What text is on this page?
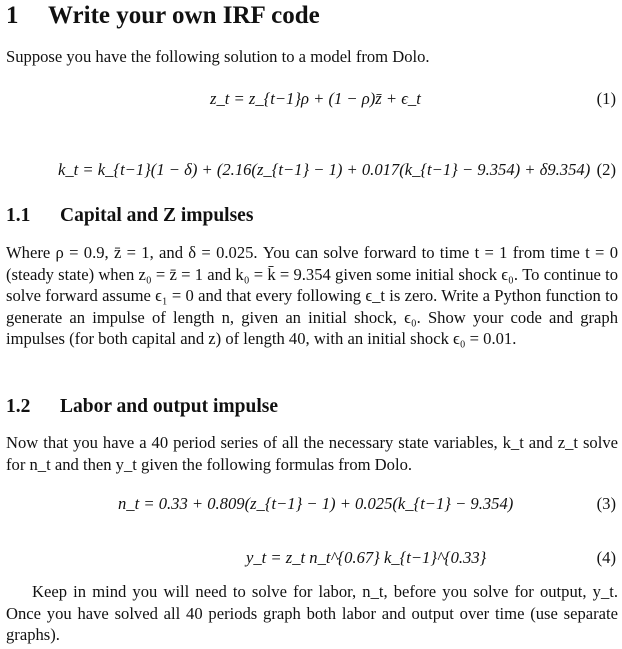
1 Write your own IRF code
Suppose you have the following solution to a model from Dolo.
z_t = z_{t−1}ρ + (1 − ρ)z̄ + ϵ_t	(1)
k_t = k_{t−1}(1 − δ) + (2.16(z_{t−1} − 1) + 0.017(k_{t−1} − 9.354) + δ9.354) (2)
1.1 Capital and Z impulses
Where ρ = 0.9, z̄ = 1, and δ = 0.025. You can solve forward to time t = 1 from time t = 0 (steady state) when z₀ = z̄ = 1 and k₀ = k̄ = 9.354 given some initial shock ϵ₀. To continue to solve forward assume ϵ₁ = 0 and that every following ϵ_t is zero. Write a Python function to generate an impulse of length n, given an initial shock, ϵ₀. Show your code and graph impulses (for both capital and z) of length 40, with an initial shock ϵ₀ = 0.01.
1.2 Labor and output impulse
Now that you have a 40 period series of all the necessary state variables, k_t and z_t solve for n_t and then y_t given the following formulas from Dolo.
n_t = 0.33 + 0.809(z_{t−1} − 1) + 0.025(k_{t−1} − 9.354)	(3)
y_t = z_t n_t^{0.67} k_{t−1}^{0.33}	(4)
Keep in mind you will need to solve for labor, n_t, before you solve for output, y_t. Once you have solved all 40 periods graph both labor and output over time (use separate graphs).
